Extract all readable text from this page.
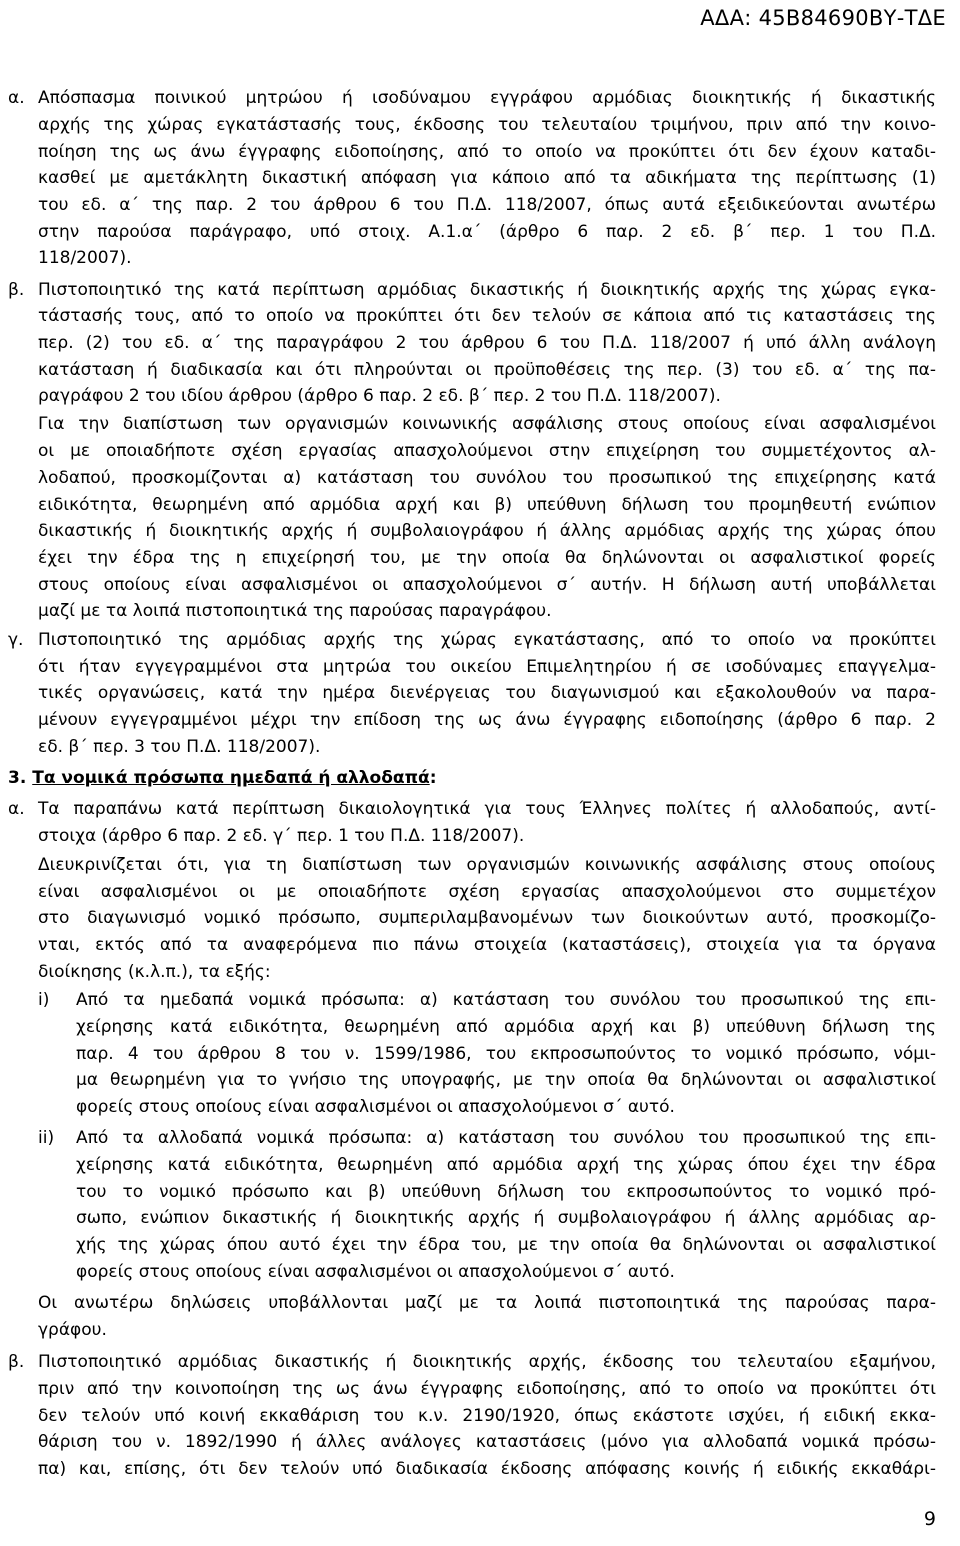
ΑΔΑ: 45Β84690ΒΥ-ΤΔΕ
α. Απόσπασμα ποινικού μητρώου ή ισοδύναμου εγγράφου αρμόδιας διοικητικής ή δικαστικής
αρχής της χώρας εγκατάστασής τους, έκδοσης του τελευταίου τριμήνου, πριν από την κοινο-
ποίηση της ως άνω έγγραφης ειδοποίησης, από το οποίο να προκύπτει ότι δεν έχουν καταδι-
κασθεί με αμετάκλητη δικαστική απόφαση για κάποιο από τα αδικήματα της περίπτωσης (1)
του εδ. α΄ της παρ. 2 του άρθρου 6 του Π.Δ. 118/2007, όπως αυτά εξειδικεύονται ανωτέρω
στην παρούσα παράγραφο, υπό στοιχ. Α.1.α΄ (άρθρο 6 παρ. 2 εδ. β΄ περ. 1 του Π.Δ.
118/2007).
β. Πιστοποιητικό της κατά περίπτωση αρμόδιας δικαστικής ή διοικητικής αρχής της χώρας εγκα-
τάστασής τους, από το οποίο να προκύπτει ότι δεν τελούν σε κάποια από τις καταστάσεις της
περ. (2) του εδ. α΄ της παραγράφου 2 του άρθρου 6 του Π.Δ. 118/2007 ή υπό άλλη ανάλογη
κατάσταση ή διαδικασία και ότι πληρούνται οι προϋποθέσεις της περ. (3) του εδ. α΄ της πα-
ραγράφου 2 του ιδίου άρθρου (άρθρο 6 παρ. 2 εδ. β΄ περ. 2 του Π.Δ. 118/2007).
Για την διαπίστωση των οργανισμών κοινωνικής ασφάλισης στους οποίους είναι ασφαλισμένοι
οι με οποιαδήποτε σχέση εργασίας απασχολούμενοι στην επιχείρηση του συμμετέχοντος αλ-
λοδαπού, προσκομίζονται α) κατάσταση του συνόλου του προσωπικού της επιχείρησης κατά
ειδικότητα, θεωρημένη από αρμόδια αρχή και β) υπεύθυνη δήλωση του προμηθευτή ενώπιον
δικαστικής ή διοικητικής αρχής ή συμβολαιογράφου ή άλλης αρμόδιας αρχής της χώρας όπου
έχει την έδρα της η επιχείρησή του, με την οποία θα δηλώνονται οι ασφαλιστικοί φορείς
στους οποίους είναι ασφαλισμένοι οι απασχολούμενοι σ΄ αυτήν. Η δήλωση αυτή υποβάλλεται
μαζί με τα λοιπά πιστοποιητικά της παρούσας παραγράφου.
γ. Πιστοποιητικό της αρμόδιας αρχής της χώρας εγκατάστασης, από το οποίο να προκύπτει
ότι ήταν εγγεγραμμένοι στα μητρώα του οικείου Επιμελητηρίου ή σε ισοδύναμες επαγγελμα-
τικές οργανώσεις, κατά την ημέρα διενέργειας του διαγωνισμού και εξακολουθούν να παρα-
μένουν εγγεγραμμένοι μέχρι την επίδοση της ως άνω έγγραφης ειδοποίησης (άρθρο 6 παρ. 2
εδ. β΄ περ. 3 του Π.Δ. 118/2007).
3. Τα νομικά πρόσωπα ημεδαπά ή αλλοδαπά:
α. Τα παραπάνω κατά περίπτωση δικαιολογητικά για τους Έλληνες πολίτες ή αλλοδαπούς, αντί-
στοιχα (άρθρο 6 παρ. 2 εδ. γ΄ περ. 1 του Π.Δ. 118/2007).
Διευκρινίζεται ότι, για τη διαπίστωση των οργανισμών κοινωνικής ασφάλισης στους οποίους
είναι ασφαλισμένοι οι με οποιαδήποτε σχέση εργασίας απασχολούμενοι στο συμμετέχον
στο διαγωνισμό νομικό πρόσωπο, συμπεριλαμβανομένων των διοικούντων αυτό, προσκομίζο-
νται, εκτός από τα αναφερόμενα πιο πάνω στοιχεία (καταστάσεις), στοιχεία για τα όργανα
διοίκησης (κ.λ.π.), τα εξής:
i) Από τα ημεδαπά νομικά πρόσωπα: α) κατάσταση του συνόλου του προσωπικού της επι-
χείρησης κατά ειδικότητα, θεωρημένη από αρμόδια αρχή και β) υπεύθυνη δήλωση της
παρ. 4 του άρθρου 8 του ν. 1599/1986, του εκπροσωπούντος το νομικό πρόσωπο, νόμι-
μα θεωρημένη για το γνήσιο της υπογραφής, με την οποία θα δηλώνονται οι ασφαλιστικοί
φορείς στους οποίους είναι ασφαλισμένοι οι απασχολούμενοι σ΄ αυτό.
ii) Από τα αλλοδαπά νομικά πρόσωπα: α) κατάσταση του συνόλου του προσωπικού της επι-
χείρησης κατά ειδικότητα, θεωρημένη από αρμόδια αρχή της χώρας όπου έχει την έδρα
του το νομικό πρόσωπο και β) υπεύθυνη δήλωση του εκπροσωπούντος το νομικό πρό-
σωπο, ενώπιον δικαστικής ή διοικητικής αρχής ή συμβολαιογράφου ή άλλης αρμόδιας αρ-
χής της χώρας όπου αυτό έχει την έδρα του, με την οποία θα δηλώνονται οι ασφαλιστικοί
φορείς στους οποίους είναι ασφαλισμένοι οι απασχολούμενοι σ΄ αυτό.
Οι ανωτέρω δηλώσεις υποβάλλονται μαζί με τα λοιπά πιστοποιητικά της παρούσας παρα-
γράφου.
β. Πιστοποιητικό αρμόδιας δικαστικής ή διοικητικής αρχής, έκδοσης του τελευταίου εξαμήνου,
πριν από την κοινοποίηση της ως άνω έγγραφης ειδοποίησης, από το οποίο να προκύπτει ότι
δεν τελούν υπό κοινή εκκαθάριση του κ.ν. 2190/1920, όπως εκάστοτε ισχύει, ή ειδική εκκα-
θάριση του ν. 1892/1990 ή άλλες ανάλογες καταστάσεις (μόνο για αλλοδαπά νομικά πρόσω-
πα) και, επίσης, ότι δεν τελούν υπό διαδικασία έκδοσης απόφασης κοινής ή ειδικής εκκαθάρι-
9
